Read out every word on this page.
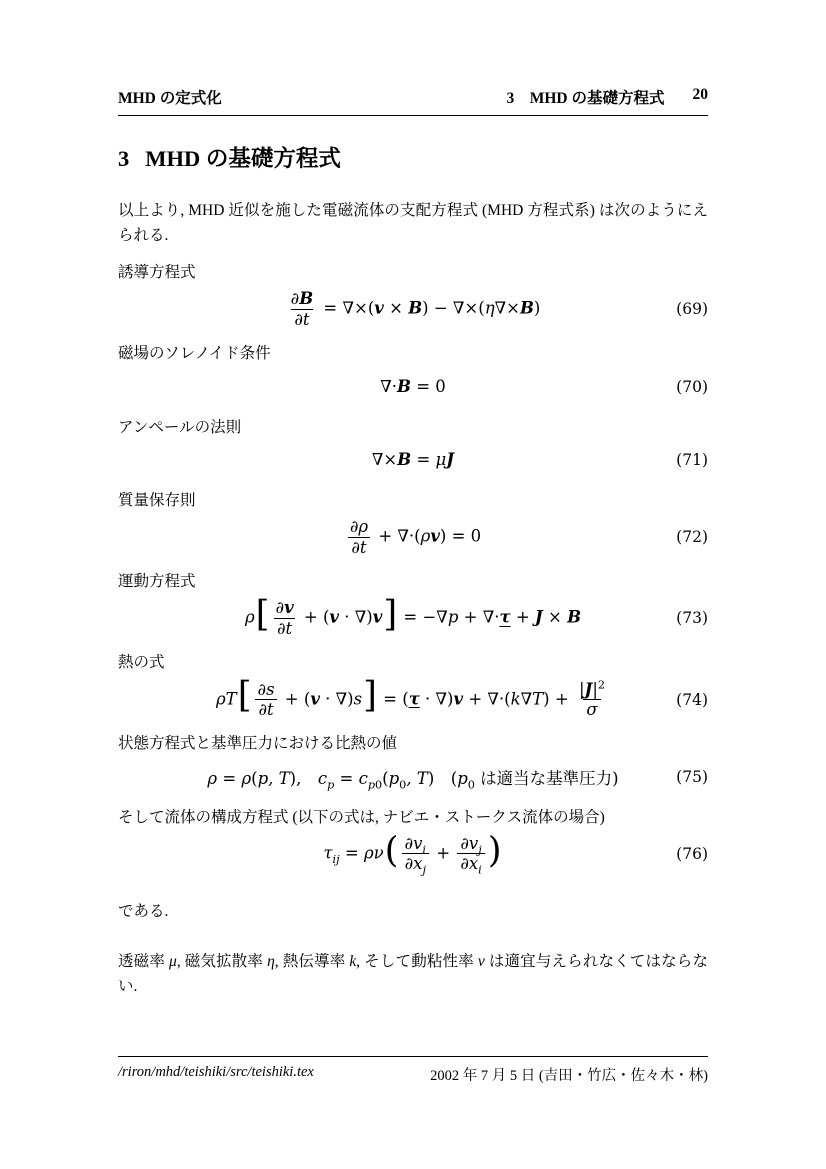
MHD の定式化	3 MHD の基礎方程式 20
3 MHD の基礎方程式

以上より, MHD 近似を施した電磁流体の支配方程式 (MHD 方程式系) は次のようにえられる.

誘導方程式

$\frac{\partial B}{\partial t} = \nabla\times(v \times B) - \nabla\times(\eta\nabla\times B)$	(69)

磁場のソレノイド条件

∇·B = 0	(70)

アンペールの法則

∇×B = μJ	(71)

質量保存則

$\frac{\partial\rho}{\partial t} + \nabla\cdot(\rho v) = 0$	(72)

運動方程式

$\rho[ \frac{\partial v}{\partial t} + (v \cdot \nabla)v] = -\nabla p + \nabla\cdot\tau + J \times B$	(73)

熱の式

$\rho T[ \frac{\partial s}{\partial t} + (v \cdot \nabla)s] = (\tau \cdot \nabla)v + \nabla\cdot(k\nabla T) + \frac{|J|^2}{\sigma}$	(74)

状態方程式と基準圧力における比熱の値

ρ = ρ(p, T), $c_p = c_{p0}(p_0$, T) ($p_0$ は適当な基準圧力)	(75)

そして流体の構成方程式 (以下の式は, ナビエ・ストークス流体の場合)

$\tau_{ij} = \rho\nu( \frac{\partial v_i}{\partial x_j} + \frac{\partial v_j}{\partial x_i}$ )	(76)

である.

透磁率 μ, 磁気拡散率 η, 熱伝導率 k, そして動粘性率 ν は適宜与えられなくてはならない.

/riron/mhd/teishiki/src/teishiki.tex	2002 年 7 月 5 日 (吉田・竹広・佐々木・林)
